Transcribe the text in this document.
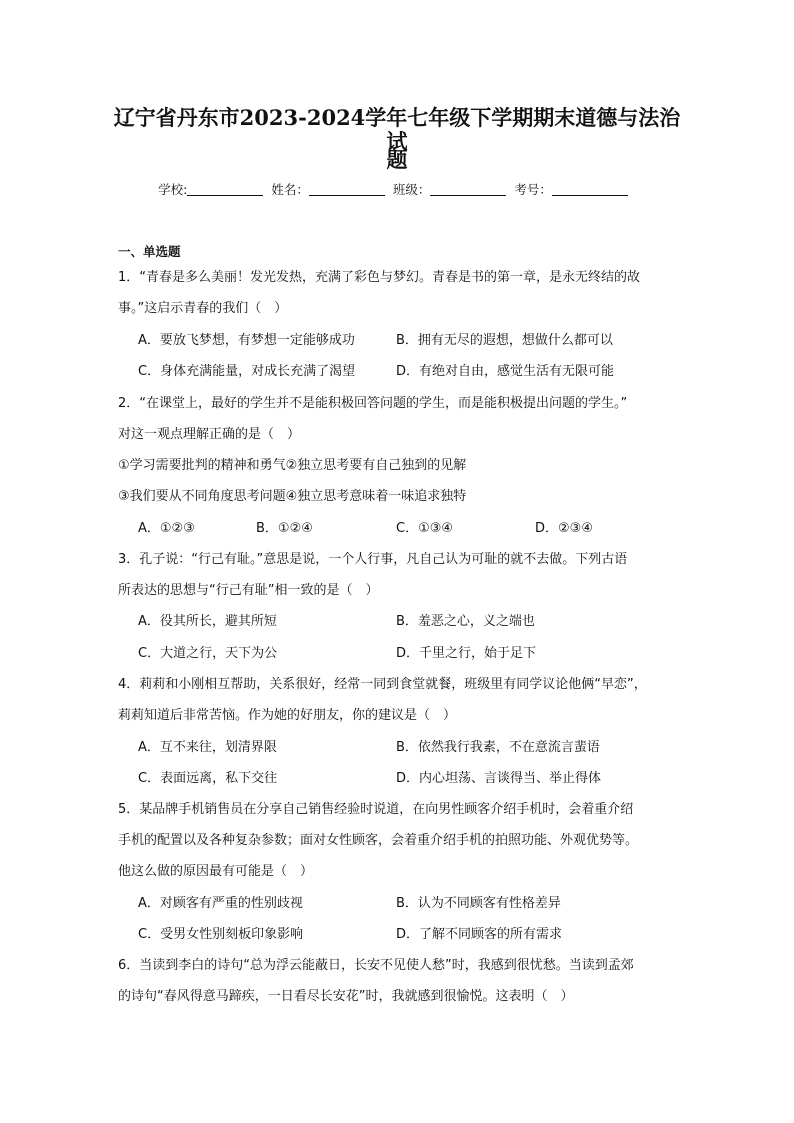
辽宁省丹东市2023-2024学年七年级下学期期末道德与法治试
题
学校:	姓名：	班级：	考号：
一、单选题
1．“青春是多么美丽！发光发热，充满了彩色与梦幻。青春是书的第一章，是永无终结的故
事。”这启示青春的我们（　）
A．要放飞梦想，有梦想一定能够成功	B．拥有无尽的遐想，想做什么都可以
C．身体充满能量，对成长充满了渴望	D．有绝对自由，感觉生活有无限可能
2．“在课堂上，最好的学生并不是能积极回答问题的学生，而是能积极提出问题的学生。”
对这一观点理解正确的是（　）
①学习需要批判的精神和勇气②独立思考要有自己独到的见解
③我们要从不同角度思考问题④独立思考意味着一味追求独特
A．①②③	B．①②④	C．①③④	D．②③④
3．孔子说：“行己有耻。”意思是说，一个人行事，凡自己认为可耻的就不去做。下列古语
所表达的思想与“行己有耻”相一致的是（　）
A．役其所长，避其所短	B．羞恶之心，义之端也
C．大道之行，天下为公	D．千里之行，始于足下
4．莉莉和小刚相互帮助，关系很好，经常一同到食堂就餐，班级里有同学议论他俩“早恋”，
莉莉知道后非常苦恼。作为她的好朋友，你的建议是（　）
A．互不来往，划清界限	B．依然我行我素，不在意流言蜚语
C．表面远离，私下交往	D．内心坦荡、言谈得当、举止得体
5．某品牌手机销售员在分享自己销售经验时说道，在向男性顾客介绍手机时，会着重介绍
手机的配置以及各种复杂参数；面对女性顾客，会着重介绍手机的拍照功能、外观优势等。
他这么做的原因最有可能是（　）
A．对顾客有严重的性别歧视	B．认为不同顾客有性格差异
C．受男女性别刻板印象影响	D．了解不同顾客的所有需求
6．当读到李白的诗句“总为浮云能蔽日，长安不见使人愁”时，我感到很忧愁。当读到孟郊
的诗句“春风得意马蹄疾，一日看尽长安花”时，我就感到很愉悦。这表明（　）
